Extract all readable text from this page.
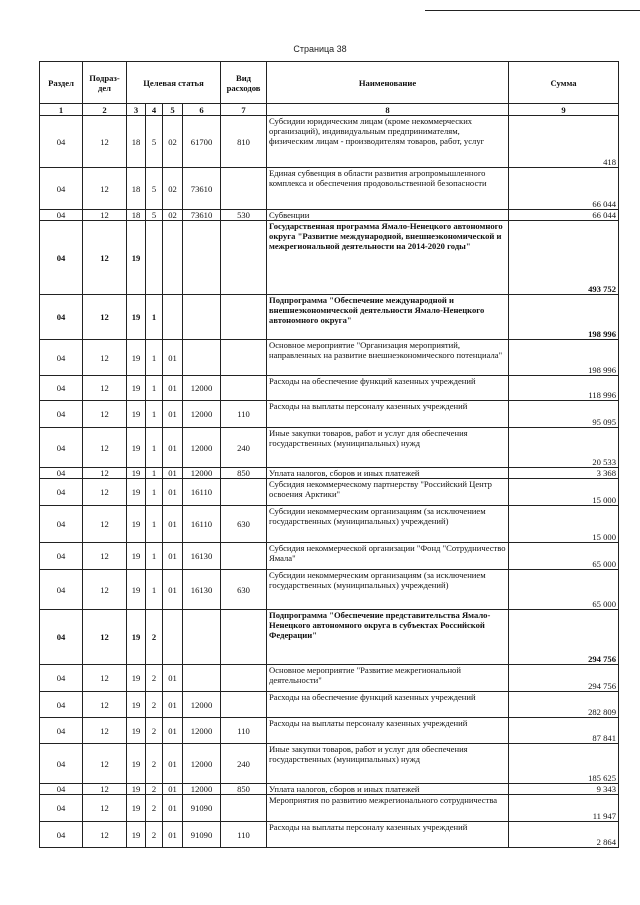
Страница 38
Раздел	Подраз-
дел	Целевая статья				Вид
расходов	Наименование	Сумма
1	2	3	4	5	6	7	8	9
04	12	18	5	02	61700	810	Субсидии юридическим лицам (кроме некоммерческих организаций), индивидуальным предпринимателям, физическим лицам - производителям товаров, работ, услуг	418
04	12	18	5	02	73610		Единая субвенция в области развития агропромышленного комплекса и обеспечения продовольственной безопасности	66 044
04	12	18	5	02	73610	530	Субвенции	66 044
04	12	19					Государственная программа Ямало-Ненецкого автономного округа "Развитие международной, внешнеэкономической и межрегиональной деятельности на 2014-2020 годы"	493 752
04	12	19	1				Подпрограмма "Обеспечение международной и внешнеэкономической деятельности Ямало-Ненецкого автономного округа"	198 996
04	12	19	1	01			Основное мероприятие "Организация мероприятий, направленных на развитие внешнеэкономического потенциала"	198 996
04	12	19	1	01	12000		Расходы на обеспечение функций казенных учреждений	118 996
04	12	19	1	01	12000	110	Расходы на выплаты персоналу казенных учреждений	95 095
04	12	19	1	01	12000	240	Иные закупки товаров, работ и услуг для обеспечения государственных (муниципальных) нужд	20 533
04	12	19	1	01	12000	850	Уплата налогов, сборов и иных платежей	3 368
04	12	19	1	01	16110		Субсидия некоммерческому партнерству "Российский Центр освоения Арктики"	15 000
04	12	19	1	01	16110	630	Субсидии некоммерческим организациям (за исключением государственных (муниципальных) учреждений)	15 000
04	12	19	1	01	16130		Субсидия некоммерческой организации "Фонд "Сотрудничество Ямала"	65 000
04	12	19	1	01	16130	630	Субсидии некоммерческим организациям (за исключением государственных (муниципальных) учреждений)	65 000
04	12	19	2				Подпрограмма "Обеспечение представительства Ямало-Ненецкого автономного округа в субъектах Российской Федерации"	294 756
04	12	19	2	01			Основное мероприятие "Развитие межрегиональной деятельности"	294 756
04	12	19	2	01	12000		Расходы на обеспечение функций казенных учреждений	282 809
04	12	19	2	01	12000	110	Расходы на выплаты персоналу казенных учреждений	87 841
04	12	19	2	01	12000	240	Иные закупки товаров, работ и услуг для обеспечения государственных (муниципальных) нужд	185 625
04	12	19	2	01	12000	850	Уплата налогов, сборов и иных платежей	9 343
04	12	19	2	01	91090		Мероприятия по развитию межрегионального сотрудничества	11 947
04	12	19	2	01	91090	110	Расходы на выплаты персоналу казенных учреждений	2 864
